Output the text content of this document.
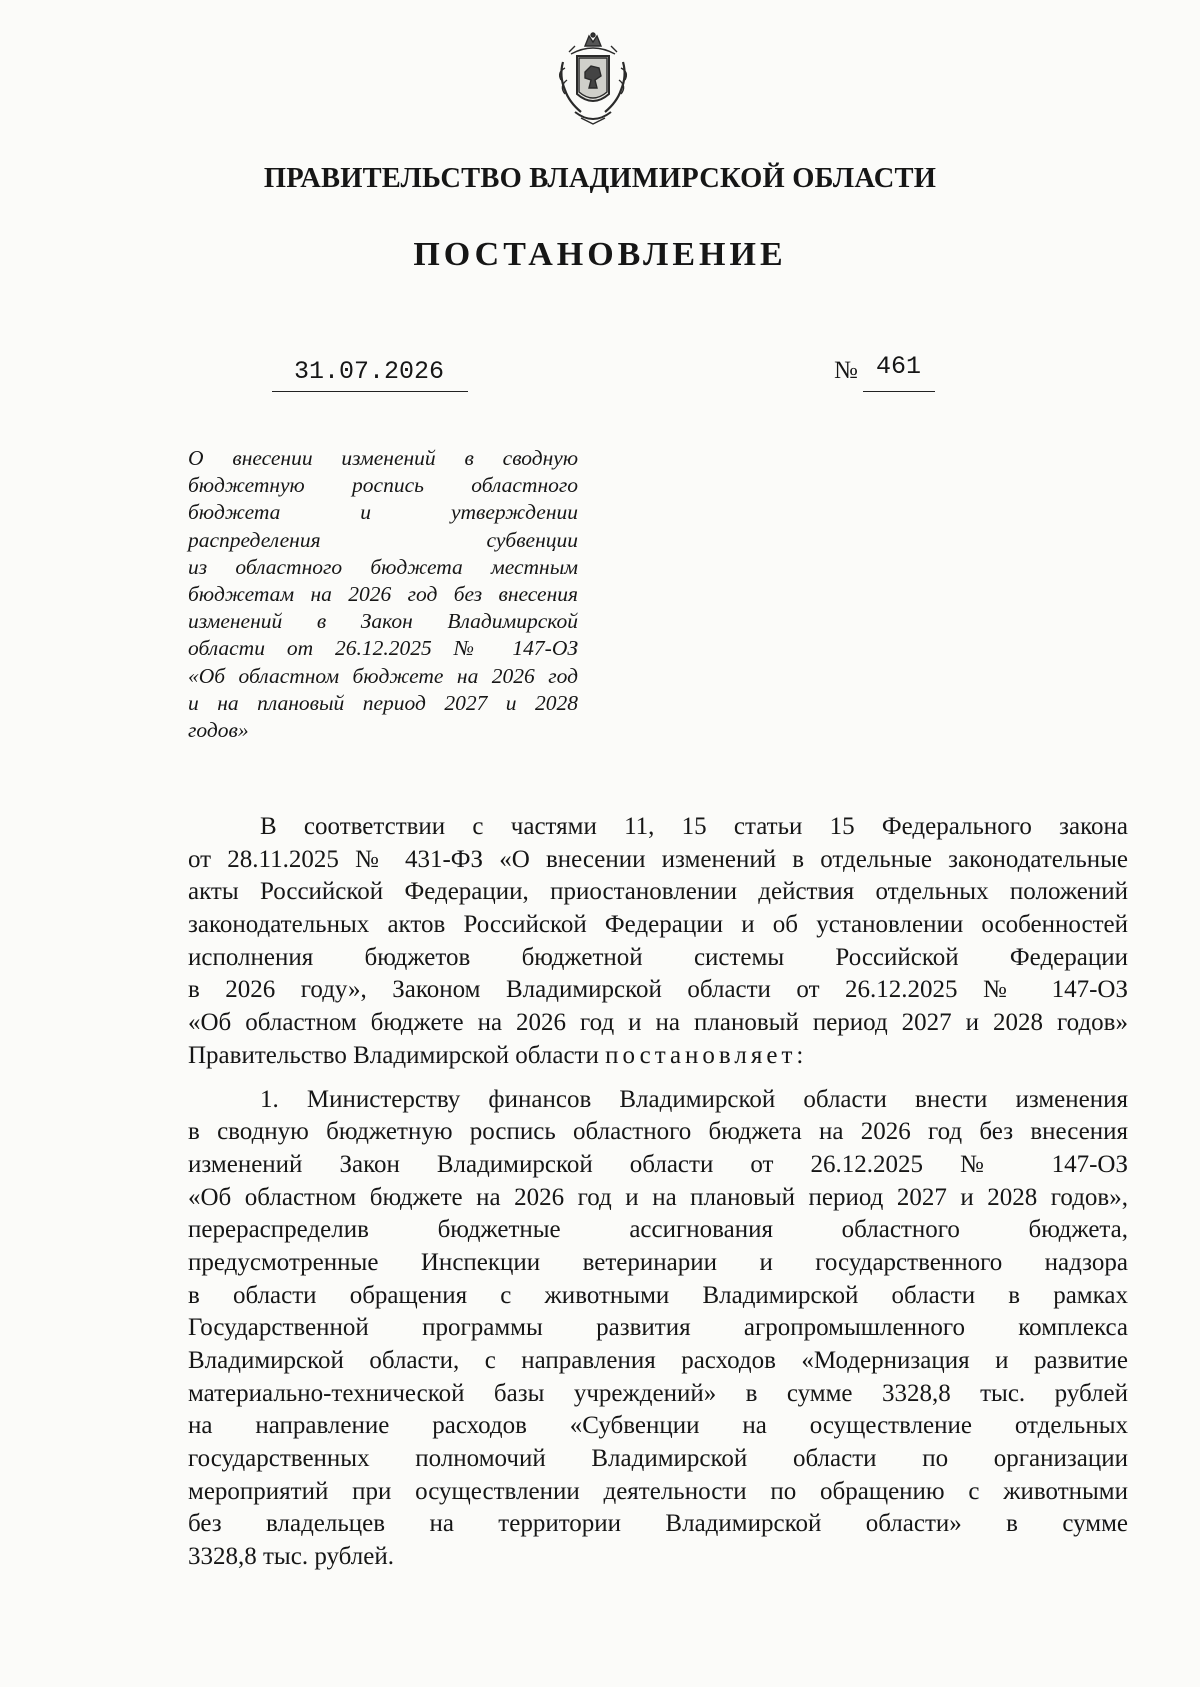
ПРАВИТЕЛЬСТВО ВЛАДИМИРСКОЙ ОБЛАСТИ
ПОСТАНОВЛЕНИЕ
31.07.2026	№ 461
О внесении изменений в сводную
бюджетную роспись областного
бюджета и утверждении
распределения субвенции
из областного бюджета местным
бюджетам на 2026 год без внесения
изменений в Закон Владимирской
области от 26.12.2025 № 147-ОЗ
«Об областном бюджете на 2026 год
и на плановый период 2027 и 2028
годов»
В соответствии с частями 11, 15 статьи 15 Федерального закона
от 28.11.2025 № 431-ФЗ «О внесении изменений в отдельные законодательные
акты Российской Федерации, приостановлении действия отдельных положений
законодательных актов Российской Федерации и об установлении особенностей
исполнения бюджетов бюджетной системы Российской Федерации
в 2026 году», Законом Владимирской области от 26.12.2025 № 147-ОЗ
«Об областном бюджете на 2026 год и на плановый период 2027 и 2028 годов»
Правительство Владимирской области постановляет:
1. Министерству финансов Владимирской области внести изменения
в сводную бюджетную роспись областного бюджета на 2026 год без внесения
изменений Закон Владимирской области от 26.12.2025 № 147-ОЗ
«Об областном бюджете на 2026 год и на плановый период 2027 и 2028 годов»,
перераспределив бюджетные ассигнования областного бюджета,
предусмотренные Инспекции ветеринарии и государственного надзора
в области обращения с животными Владимирской области в рамках
Государственной программы развития агропромышленного комплекса
Владимирской области, с направления расходов «Модернизация и развитие
материально-технической базы учреждений» в сумме 3328,8 тыс. рублей
на направление расходов «Субвенции на осуществление отдельных
государственных полномочий Владимирской области по организации
мероприятий при осуществлении деятельности по обращению с животными
без владельцев на территории Владимирской области» в сумме
3328,8 тыс. рублей.
